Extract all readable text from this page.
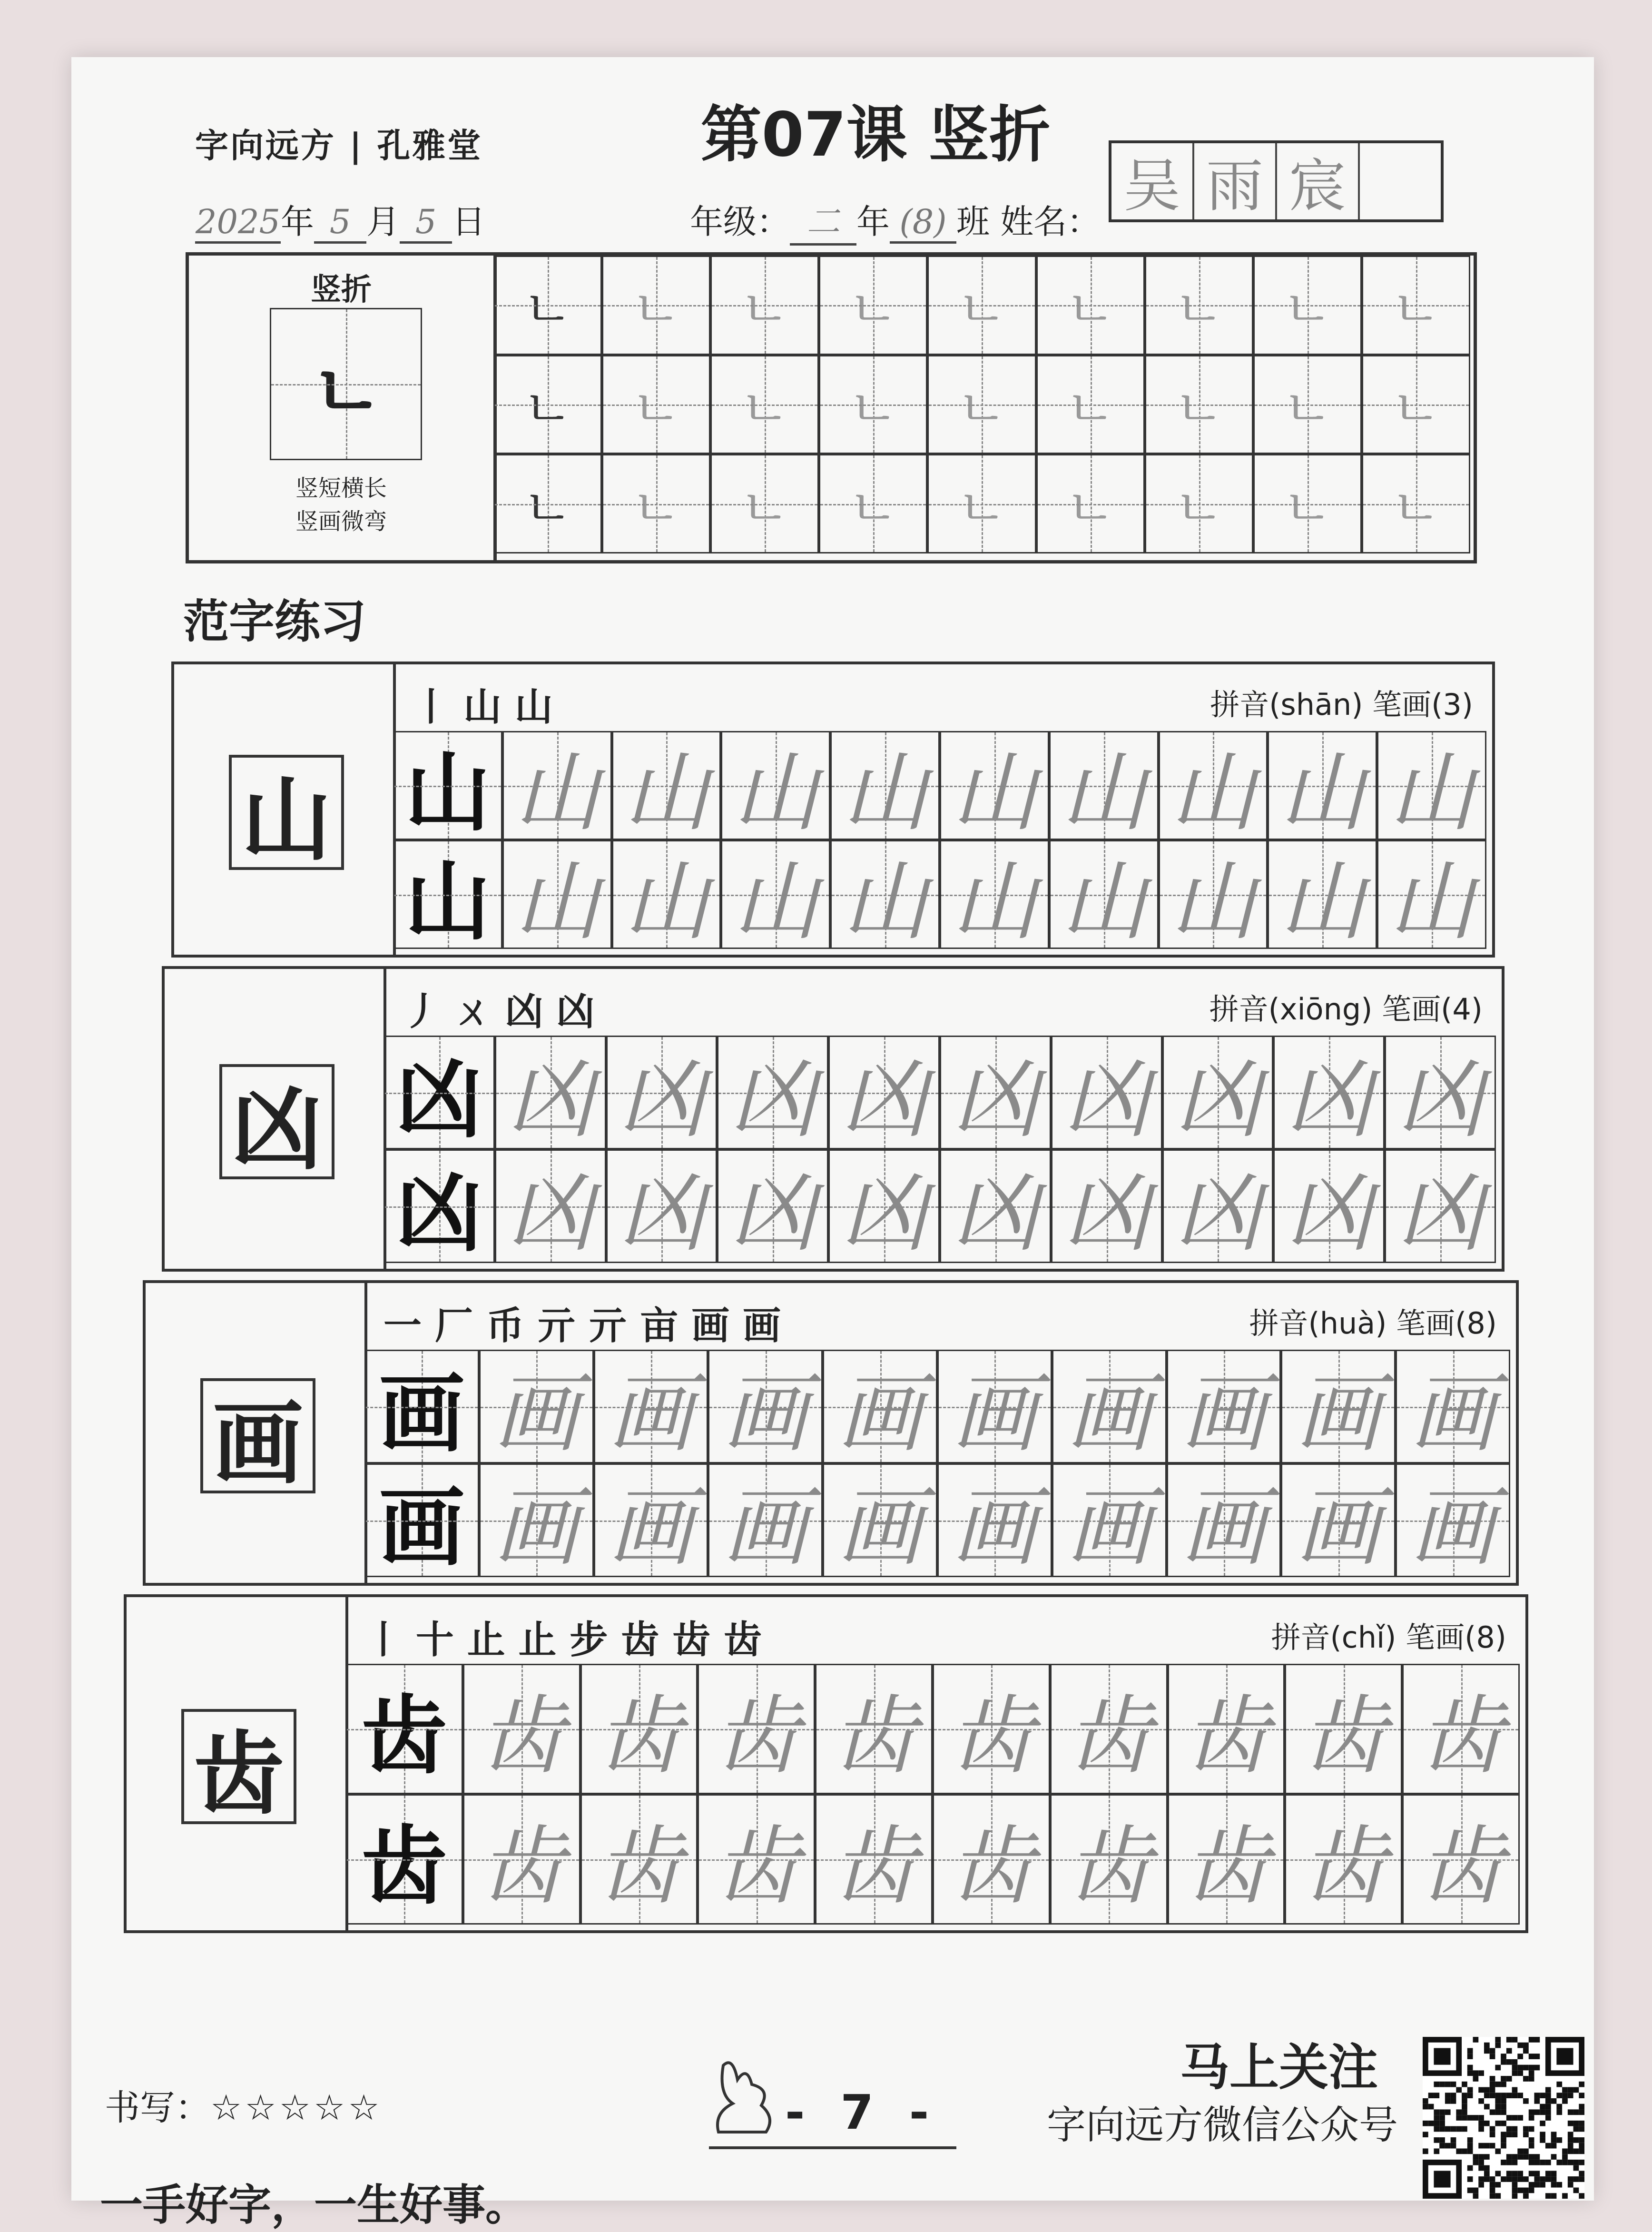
字向远方 | 孔雅堂	第07课 竖折
2025年 5 月 5 日	年级： 二 年 (8) 班 姓名：
吴 雨 宸
竖折
ㄴ
竖短横长
竖画微弯
ㄴ	ㄴ	ㄴ	ㄴ	ㄴ	ㄴ	ㄴ	ㄴ	ㄴ
ㄴ	ㄴ	ㄴ	ㄴ	ㄴ	ㄴ	ㄴ	ㄴ	ㄴ
ㄴ	ㄴ	ㄴ	ㄴ	ㄴ	ㄴ	ㄴ	ㄴ	ㄴ
范字练习
山
丨 山 山	拼音(shān) 笔画(3)
山 山 山 山 山 山 山 山 山 山
山 山 山 山 山 山 山 山 山 山
凶
丿 ㄨ 凶 凶	拼音(xiōng) 笔画(4)
凶 凶 凶 凶 凶 凶 凶 凶 凶 凶
凶 凶 凶 凶 凶 凶 凶 凶 凶 凶
画
一 厂 币 亓 亓 亩 画 画	拼音(huà) 笔画(8)
画 画 画 画 画 画 画 画 画 画
画 画 画 画 画 画 画 画 画 画
齿
丨 十 止 止 步 齿 齿 齿	拼音(chǐ) 笔画(8)
齿 齿 齿 齿 齿 齿 齿 齿 齿 齿
齿 齿 齿 齿 齿 齿 齿 齿 齿 齿
书写：☆☆☆☆☆
一手好字，一生好事。
- 7 -
马上关注
字向远方微信公众号
